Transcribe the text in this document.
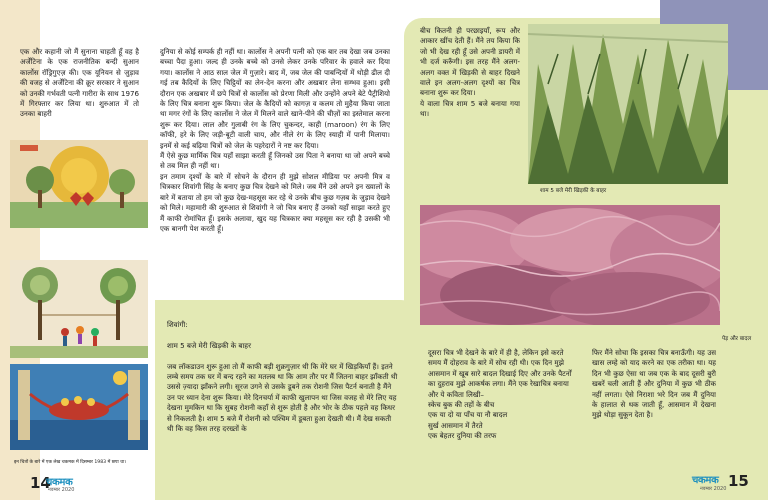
एक और कहानी जो मैं सुनाना चाहती हूँ वह है अर्जेंटिना के एक राजनीतिक बन्दी सुआन कार्लोस रॉड्रिगुएज़ की। एक यूनियन से जुड़ाव की वजह से अर्जेंटिना की क्रूर सरकार ने सुआन को उनकी गर्भवती पत्नी गारीरा के साथ 1976 में गिरफ्तार कर लिया था। शुरुआत में तो उनका बाहरी
इन चित्रों के बारे में एक लेख चकमक में दिसम्बर 1983 में छपा था।
दुनिया से कोई सम्पर्क ही नहीं था। कार्लोस ने अपनी पत्नी को एक बार तब देखा जब उनका बच्चा पैदा हुआ। जल्द ही उनके बच्चे को उनसे लेकर उनके परिवार के हवाले कर दिया गया। कार्लोस ने आठ साल जेल में गुज़ारे। बाद में, जब जेल की पाबन्दियों में थोड़ी ढील दी गई तब कैदियों के लिए चिट्ठियों का लेन-देन करना और अखबार लेना सम्भव हुआ। इसी दौरान एक अखबार में छपे चित्रों से कार्लोस को प्रेरणा मिली और उन्होंने अपने बेटे पैट्रीशियो के लिए चित्र बनाना शुरू किया। जेल के कैदियों को कागज़ व कलम तो मुहैया किया जाता था मगर रंगों के लिए कार्लोस ने जेल में मिलने वाले खाने-पीने की चीज़ों का इस्तेमाल करना शुरू कर दिया। लाल और गुलाबी रंग के लिए चुकन्दर, काही (maroon) रंग के लिए कॉफी, हरे के लिए जड़ी-बूटी वाली चाय, और नीले रंग के लिए स्याही में पानी मिलाया। इनमें से कई बढ़िया चित्रों को जेल के पहरेदारों ने नष्ट कर दिया।
मैं ऐसे कुछ मार्मिक चित्र यहाँ साझा करती हूँ जिनको उस पिता ने बनाया था जो अपने बच्चे से तब मिल ही नहीं था।
इन तमाम दृश्यों के बारे में सोचने के दौरान ही मुझे सोशल मीडिया पर अपनी मित्र व चित्रकार शिवांगी सिंह के बनाए कुछ चित्र देखने को मिले। जब मैंने उसे अपने इन ख्यालों के बारे में बताया तो हम जो कुछ देख-महसूस कर रहे थे उनके बीच कुछ गज़ब के जुड़ाव देखने को मिले। महामारी की शुरुआत से शिवांगी ने जो चित्र बनाए हैं उनको यहाँ साझा करते हुए मैं काफी रोमांचित हूँ। इसके अलावा, खुद यह चित्रकार क्या महसूस कर रही है उसकी भी एक बानगी पेश करती हूँ।
शिवांगी:

शाम 5 बजे मेरी खिड़की के बाहर

जब लॉकडाउन शुरू हुआ तो मैं काफी बड़ी शुक्रगुज़ार थी कि मेरे घर में खिड़कियाँ हैं। इतने लम्बे समय तक घर में बन्द रहने का मतलब था कि आम तौर पर मैं जितना बाहर झाँकती थी उससे ज़्यादा झाँकने लगी। सूरज उगने से उसके डूबने तक रोशनी जिस पैटर्न बनाती है मैंने उन पर ध्यान देना शुरू किया। मेरे दिनचर्या में काफी खुलापन था जिस वजह से मेरे लिए यह देखना मुमकिन था कि सुबह रोशनी कहाँ से शुरू होती है और भोर के ठीक पहले वह किधर से निकलती है। शाम 5 बजे मैं रोशनी को पश्चिम में डूबता हुआ देखती थी। मैं देख सकती थी कि वह किस तरह दरख्तों के
14
चकमक
नवम्बर 2020
बीच कितनी ही परछाइयाँ, रूप और आकार खींच देती हैं। मैंने तय किया कि जो भी देख रही हूँ उसे अपनी डायरी में भी दर्ज करूँगी। इस तरह मैंने अलग-अलग वक्त में खिड़की से बाहर दिखने वाले इन अलग-अलग दृश्यों का चित्र बनाना शुरू कर दिया।
ये वाला चित्र शाम 5 बजे बनाया गया था।
शाम 5 बजे मेरी खिड़की के बाहर
पेड़ और बादल
दूसरा चित्र भी देखने के बारे में ही है, लेकिन इसे करते समय मैं दोहराव के बारे में सोच रही थी। एक दिन मुझे आसमान में खूब सारे बादल दिखाई दिए और उनके पैटर्नों का दुहराव मुझे आकर्षक लगा। मैंने एक रेखाचित्र बनाया और ये कविता लिखी–
स्केच बुक की तहों के बीच
एक या दो या पाँच या नौ बादल
सुर्ख आसमान में तैरते
एक बेहतर दुनिया की तरफ
फिर मैंने सोचा कि इसका चित्र बनाऊँगी। यह उस खास लम्हे को याद करने का एक तरीका था। यह दिन भी कुछ ऐसा था जब एक के बाद दूसरी बुरी खबरें चली आती हैं और दुनिया में कुछ भी ठीक नहीं लगता। ऐसे निराशा भरे दिन जब मैं दुनिया के हालात से थक जाती हूँ, आसमान में देखना मुझे थोड़ा सुकून देता है।
चकमक 15
नवम्बर 2020
